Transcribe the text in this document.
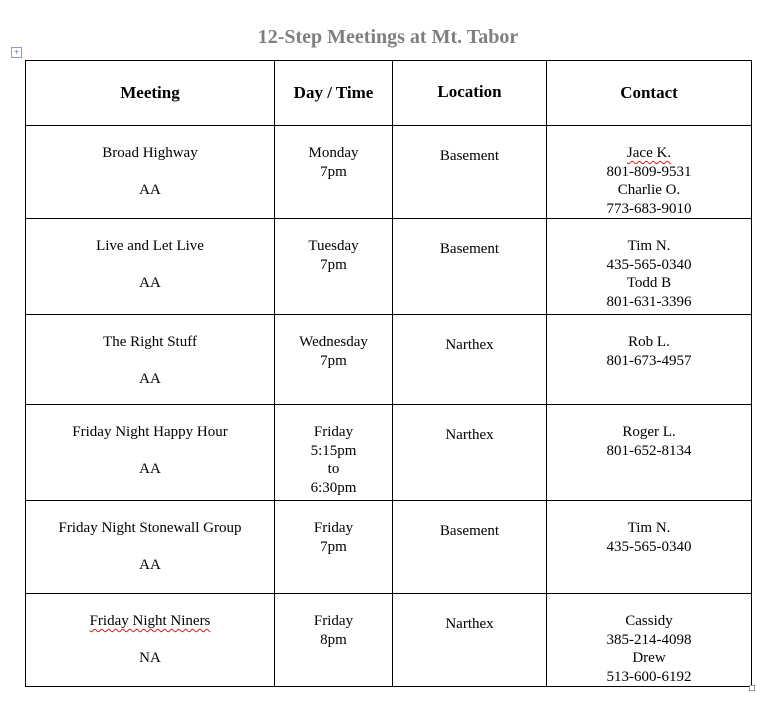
12-Step Meetings at Mt. Tabor
+
Meeting	Day / Time	Location	Contact

Broad Highway
AA	Monday
7pm	Basement	Jace K.
801-809-9531
Charlie O.
773-683-9010

Live and Let Live
AA	Tuesday
7pm	Basement	Tim N.
435-565-0340
Todd B
801-631-3396

The Right Stuff
AA	Wednesday
7pm	Narthex	Rob L.
801-673-4957

Friday Night Happy Hour
AA	Friday
5:15pm
to
6:30pm	Narthex	Roger L.
801-652-8134

Friday Night Stonewall Group
AA	Friday
7pm	Basement	Tim N.
435-565-0340

Friday Night Niners
NA	Friday
8pm	Narthex	Cassidy
385-214-4098
Drew
513-600-6192
